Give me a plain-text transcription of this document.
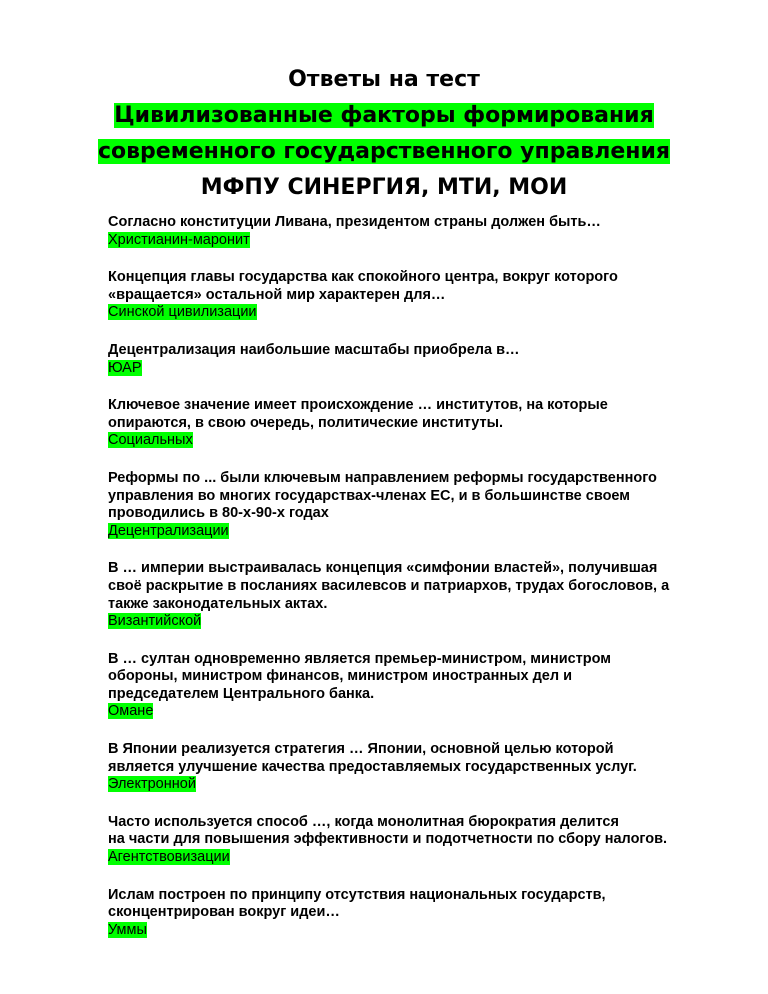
Ответы на тест
Цивилизованные факторы формирования
современного государственного управления
МФПУ СИНЕРГИЯ, МТИ, МОИ
Согласно конституции Ливана, президентом страны должен быть…
Христианин-маронит
Концепция главы государства как спокойного центра, вокруг которого
«вращается» остальной мир характерен для…
Синской цивилизации
Децентрализация наибольшие масштабы приобрела в…
ЮАР
Ключевое значение имеет происхождение … институтов, на которые
опираются, в свою очередь, политические институты.
Социальных
Реформы по ... были ключевым направлением реформы государственного
управления во многих государствах-членах ЕС, и в большинстве своем
проводились в 80-х-90-х годах
Децентрализации
В … империи выстраивалась концепция «симфонии властей», получившая
своё раскрытие в посланиях василевсов и патриархов, трудах богословов, а
также законодательных актах.
Византийской
В … султан одновременно является премьер-министром, министром
обороны, министром финансов, министром иностранных дел и
председателем Центрального банка.
Омане
В Японии реализуется стратегия … Японии, основной целью которой
является улучшение качества предоставляемых государственных услуг.
Электронной
Часто используется способ …, когда монолитная бюрократия делится
на части для повышения эффективности и подотчетности по сбору налогов.
Агентствовизации
Ислам построен по принципу отсутствия национальных государств,
сконцентрирован вокруг идеи…
Уммы
